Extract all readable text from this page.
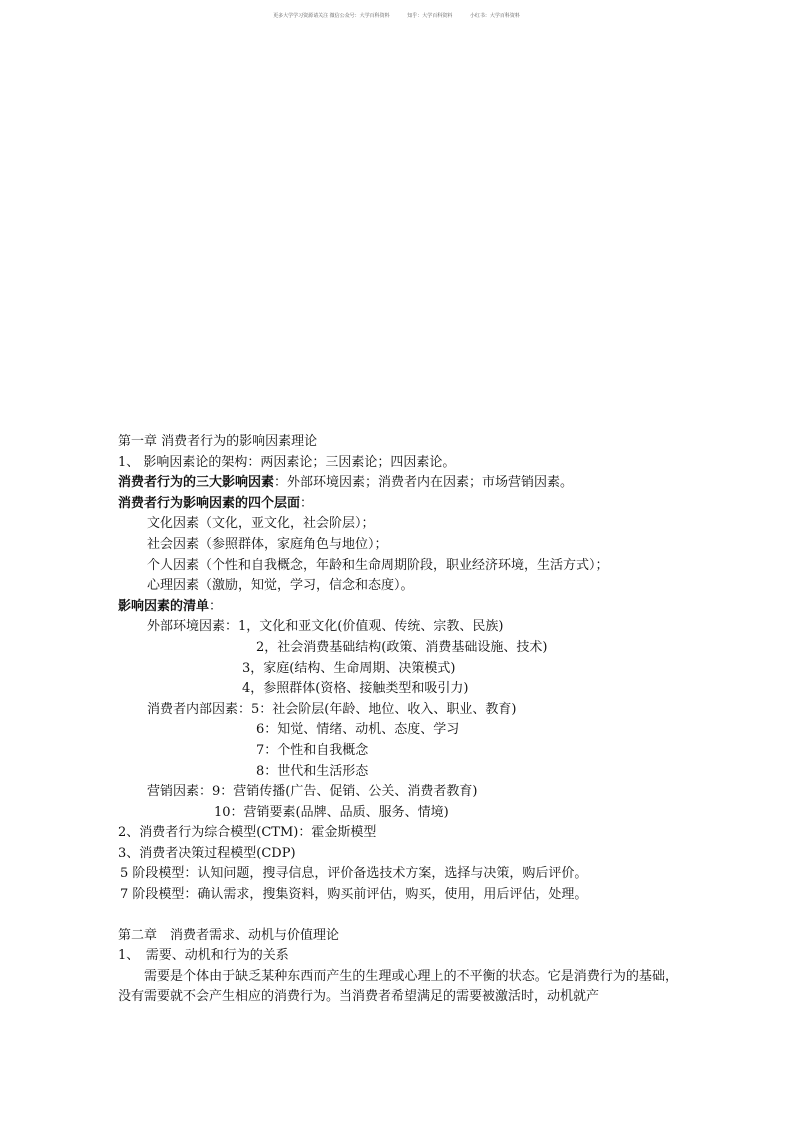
更多大学学习资源请关注 微信公众号：大学百科资料	知乎：大学百科资料	小红书：大学百科资料
第一章 消费者行为的影响因素理论
1、 影响因素论的架构：两因素论；三因素论；四因素论。
消费者行为的三大影响因素：外部环境因素；消费者内在因素；市场营销因素。
消费者行为影响因素的四个层面：
文化因素（文化，亚文化，社会阶层）；
社会因素（参照群体，家庭角色与地位）；
个人因素（个性和自我概念，年龄和生命周期阶段，职业经济环境，生活方式）；
心理因素（激励，知觉，学习，信念和态度）。
影响因素的清单：
外部环境因素：1，文化和亚文化(价值观、传统、宗教、民族)
2，社会消费基础结构(政策、消费基础设施、技术)
3，家庭(结构、生命周期、决策模式)
4，参照群体(资格、接触类型和吸引力)
消费者内部因素：5：社会阶层(年龄、地位、收入、职业、教育)
6：知觉、情绪、动机、态度、学习
7：个性和自我概念
8：世代和生活形态
营销因素：9：营销传播(广告、促销、公关、消费者教育)
10：营销要素(品牌、品质、服务、情境)
2、消费者行为综合模型(CTM)：霍金斯模型
3、消费者决策过程模型(CDP)
5 阶段模型：认知问题，搜寻信息，评价备选技术方案，选择与决策，购后评价。
7 阶段模型：确认需求，搜集资料，购买前评估，购买，使用，用后评估，处理。
第二章　消费者需求、动机与价值理论
1、　需要、动机和行为的关系
需要是个体由于缺乏某种东西而产生的生理或心理上的不平衡的状态。它是消费行为的基础，没有需要就不会产生相应的消费行为。当消费者希望满足的需要被激活时，动机就产
